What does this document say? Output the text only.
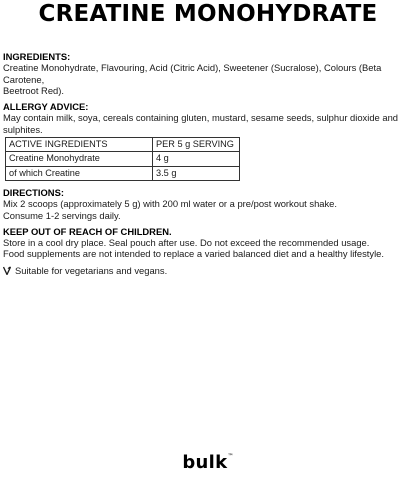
CREATINE MONOHYDRATE
INGREDIENTS:
Creatine Monohydrate, Flavouring, Acid (Citric Acid), Sweetener (Sucralose), Colours (Beta Carotene,
Beetroot Red).
ALLERGY ADVICE:
May contain milk, soya, cereals containing gluten, mustard, sesame seeds, sulphur dioxide and sulphites.
ACTIVE INGREDIENTS	PER 5 g SERVING
Creatine Monohydrate	4 g
of which Creatine	3.5 g
DIRECTIONS:
Mix 2 scoops (approximately 5 g) with 200 ml water or a pre/post workout shake.
Consume 1-2 servings daily.
KEEP OUT OF REACH OF CHILDREN.
Store in a cool dry place. Seal pouch after use. Do not exceed the recommended usage.
Food supplements are not intended to replace a varied balanced diet and a healthy lifestyle.
Suitable for vegetarians and vegans.
bulk™
